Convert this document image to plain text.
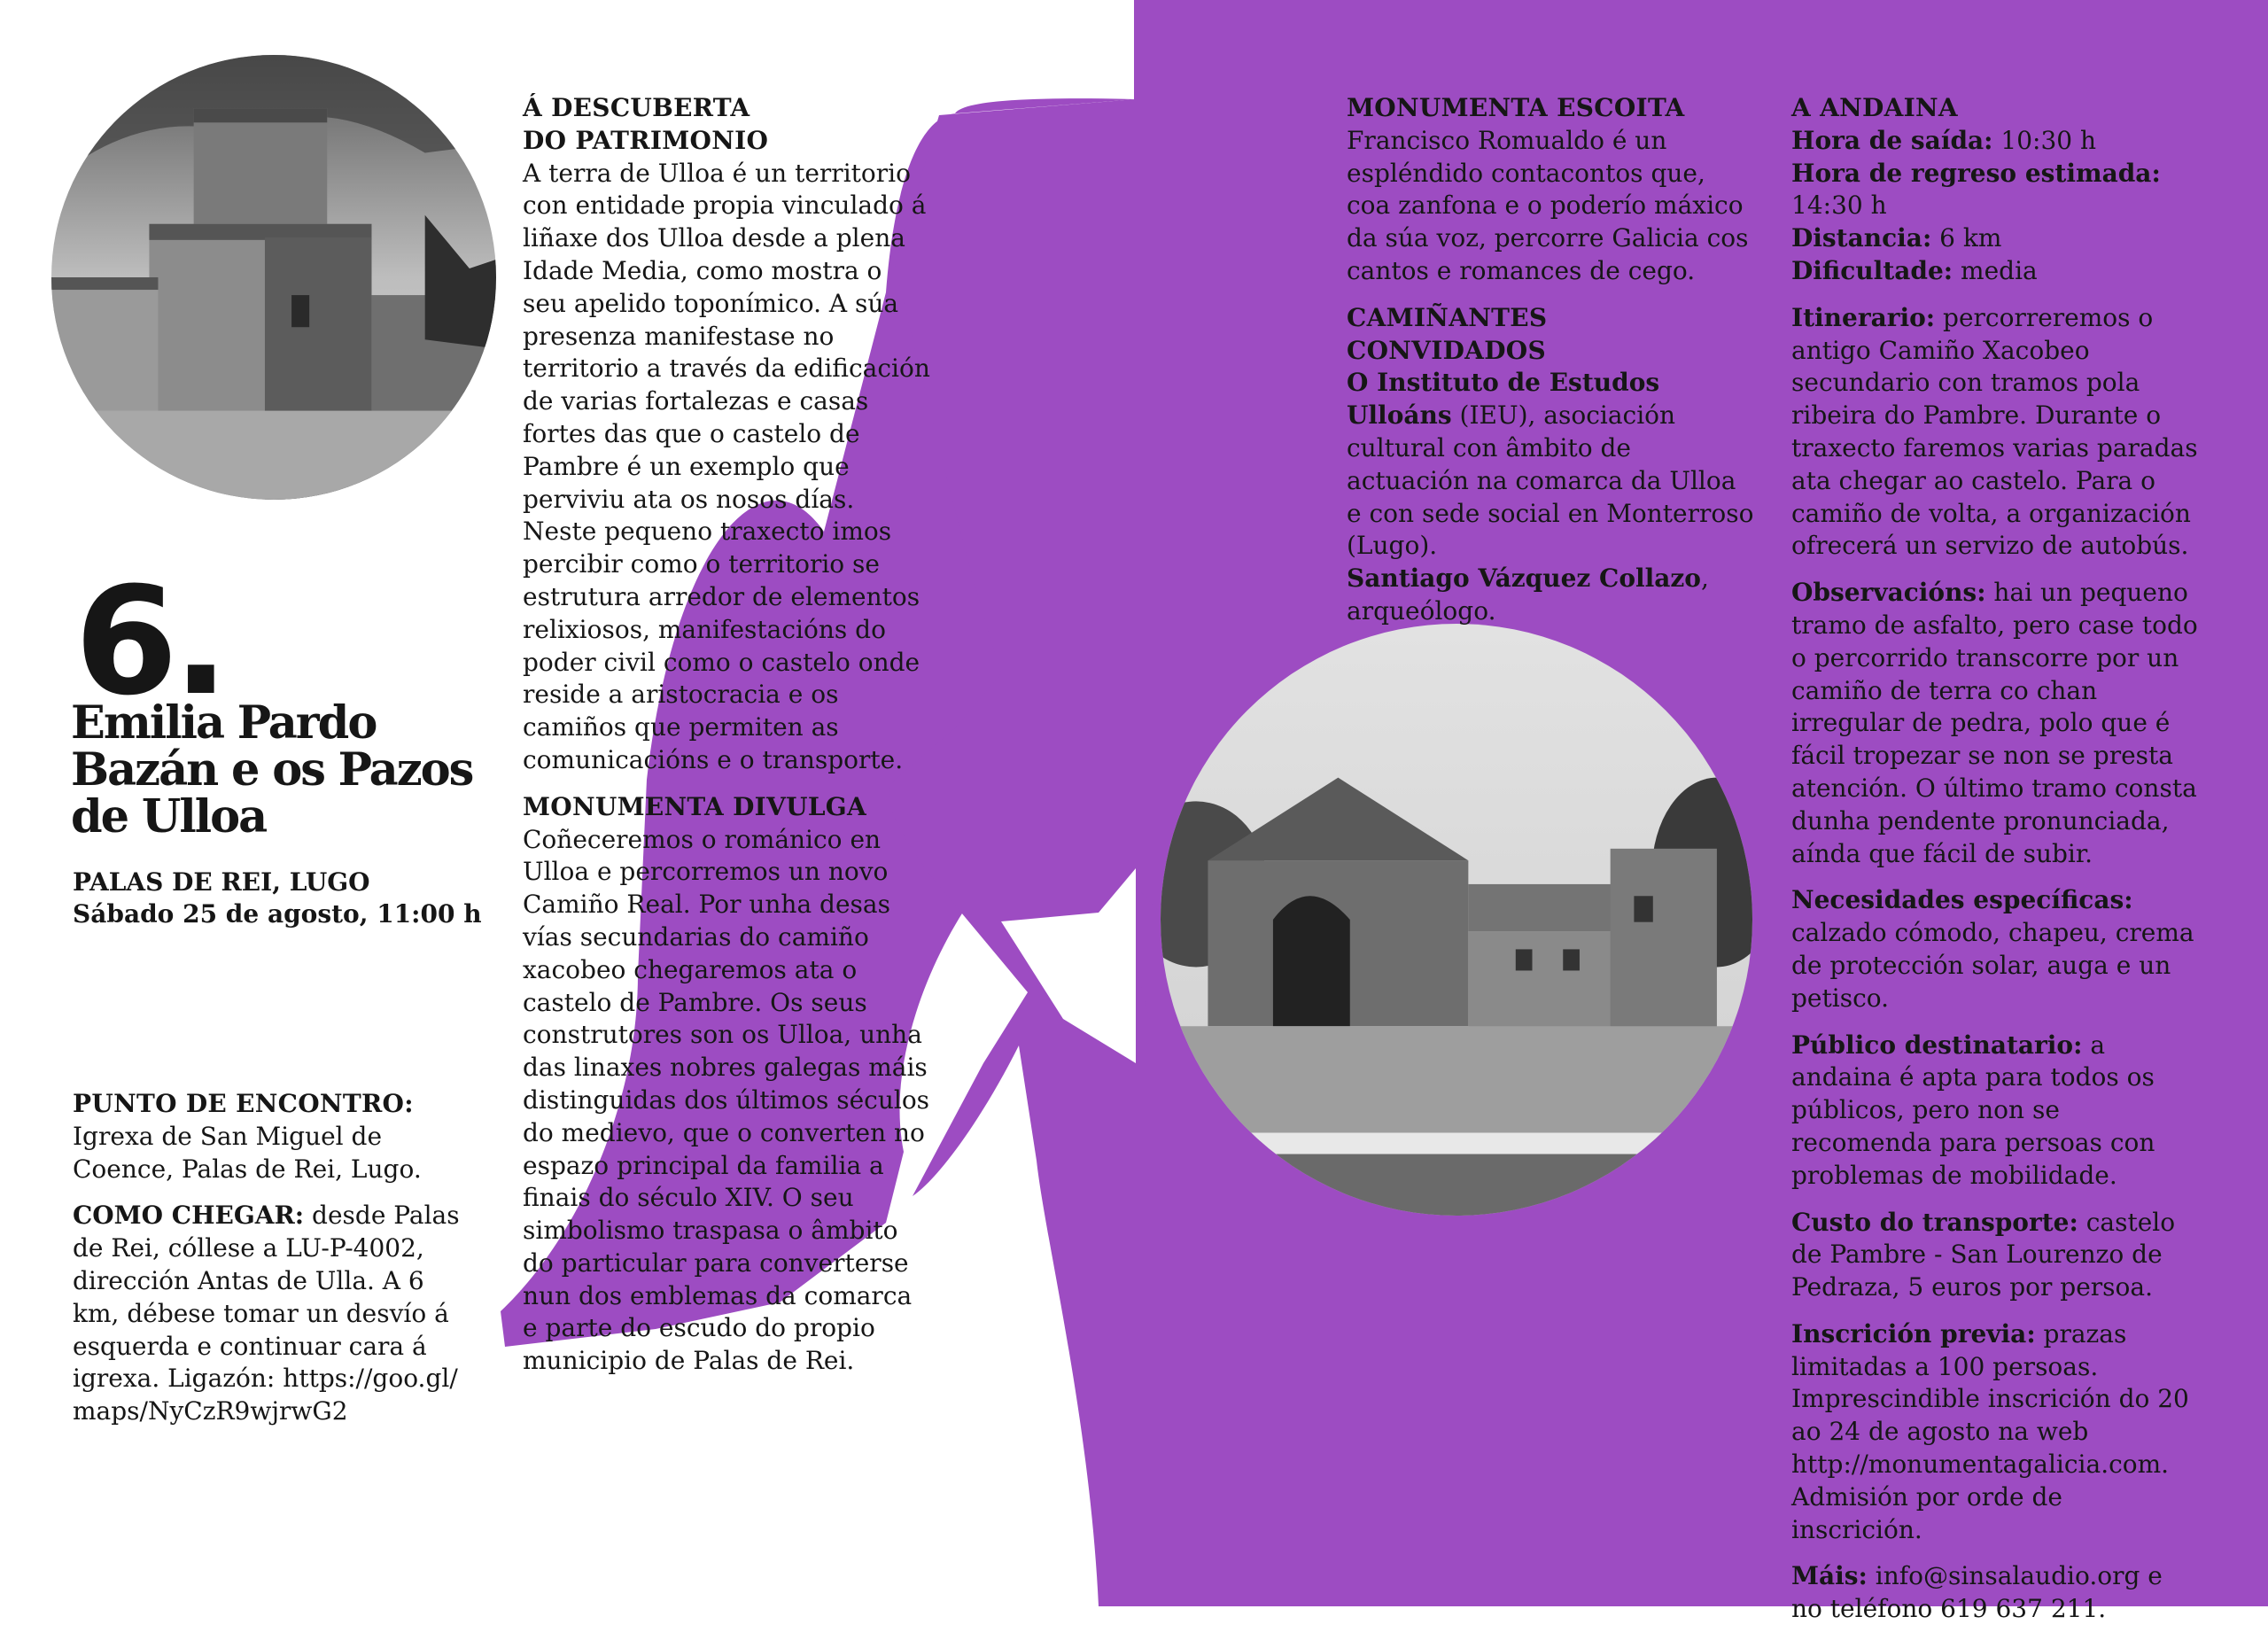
6.
Emilia Pardo
Bazán e os Pazos
de Ulloa
PALAS DE REI, LUGO
Sábado 25 de agosto, 11:00 h

PUNTO DE ENCONTRO:
Igrexa de San Miguel de Coence, Palas de Rei, Lugo.

COMO CHEGAR: desde Palas de Rei, cóllese a LU-P-4002, dirección Antas de Ulla. A 6 km, débese tomar un desvío á esquerda e continuar cara á igrexa. Ligazón: https://goo.gl/maps/NyCzR9wjrwG2

Á DESCUBERTA
DO PATRIMONIO
A terra de Ulloa é un territorio con entidade propia vinculado á liñaxe dos Ulloa desde a plena Idade Media, como mostra o seu apelido toponímico. A súa presenza manifestase no territorio a través da edificación de varias fortalezas e casas fortes das que o castelo de Pambre é un exemplo que perviviu ata os nosos días. Neste pequeno traxecto imos percibir como o territorio se estrutura arredor de elementos relixiosos, manifestacións do poder civil como o castelo onde reside a aristocracia e os camiños que permiten as comunicacións e o transporte.

MONUMENTA DIVULGA
Coñeceremos o románico en Ulloa e percorremos un novo Camiño Real. Por unha desas vías secundarias do camiño xacobeo chegaremos ata o castelo de Pambre. Os seus construtores son os Ulloa, unha das linaxes nobres galegas máis distinguidas dos últimos séculos do medievo, que o converten no espazo principal da familia a finais do século XIV. O seu simbolismo traspasa o âmbito do particular para converterse nun dos emblemas da comarca e parte do escudo do propio municipio de Palas de Rei.

MONUMENTA ESCOITA
Francisco Romualdo é un espléndido contacontos que, coa zanfona e o poderío máxico da súa voz, percorre Galicia cos cantos e romances de cego.

CAMIÑANTES CONVIDADOS
O Instituto de Estudos Ulloáns (IEU), asociación cultural con âmbito de actuación na comarca da Ulloa e con sede social en Monterroso (Lugo).
Santiago Vázquez Collazo, arqueólogo.

A ANDAINA
Hora de saída: 10:30 h
Hora de regreso estimada: 14:30 h
Distancia: 6 km
Dificultade: media

Itinerario: percorreremos o antigo Camiño Xacobeo secundario con tramos pola ribeira do Pambre. Durante o traxecto faremos varias paradas ata chegar ao castelo. Para o camiño de volta, a organización ofrecerá un servizo de autobús.

Observacións: hai un pequeno tramo de asfalto, pero case todo o percorrido transcorre por un camiño de terra co chan irregular de pedra, polo que é fácil tropezar se non se presta atención. O último tramo consta dunha pendente pronunciada, aínda que fácil de subir.

Necesidades específicas: calzado cómodo, chapeu, crema de protección solar, auga e un petisco.

Público destinatario: a andaina é apta para todos os públicos, pero non se recomenda para persoas con problemas de mobilidade.

Custo do transporte: castelo de Pambre - San Lourenzo de Pedraza, 5 euros por persoa.

Inscrición previa: prazas limitadas a 100 persoas. Imprescindible inscrición do 20 ao 24 de agosto na web http://monumentagalicia.com. Admisión por orde de inscrición.

Máis: info@sinsalaudio.org e no teléfono 619 637 211.
